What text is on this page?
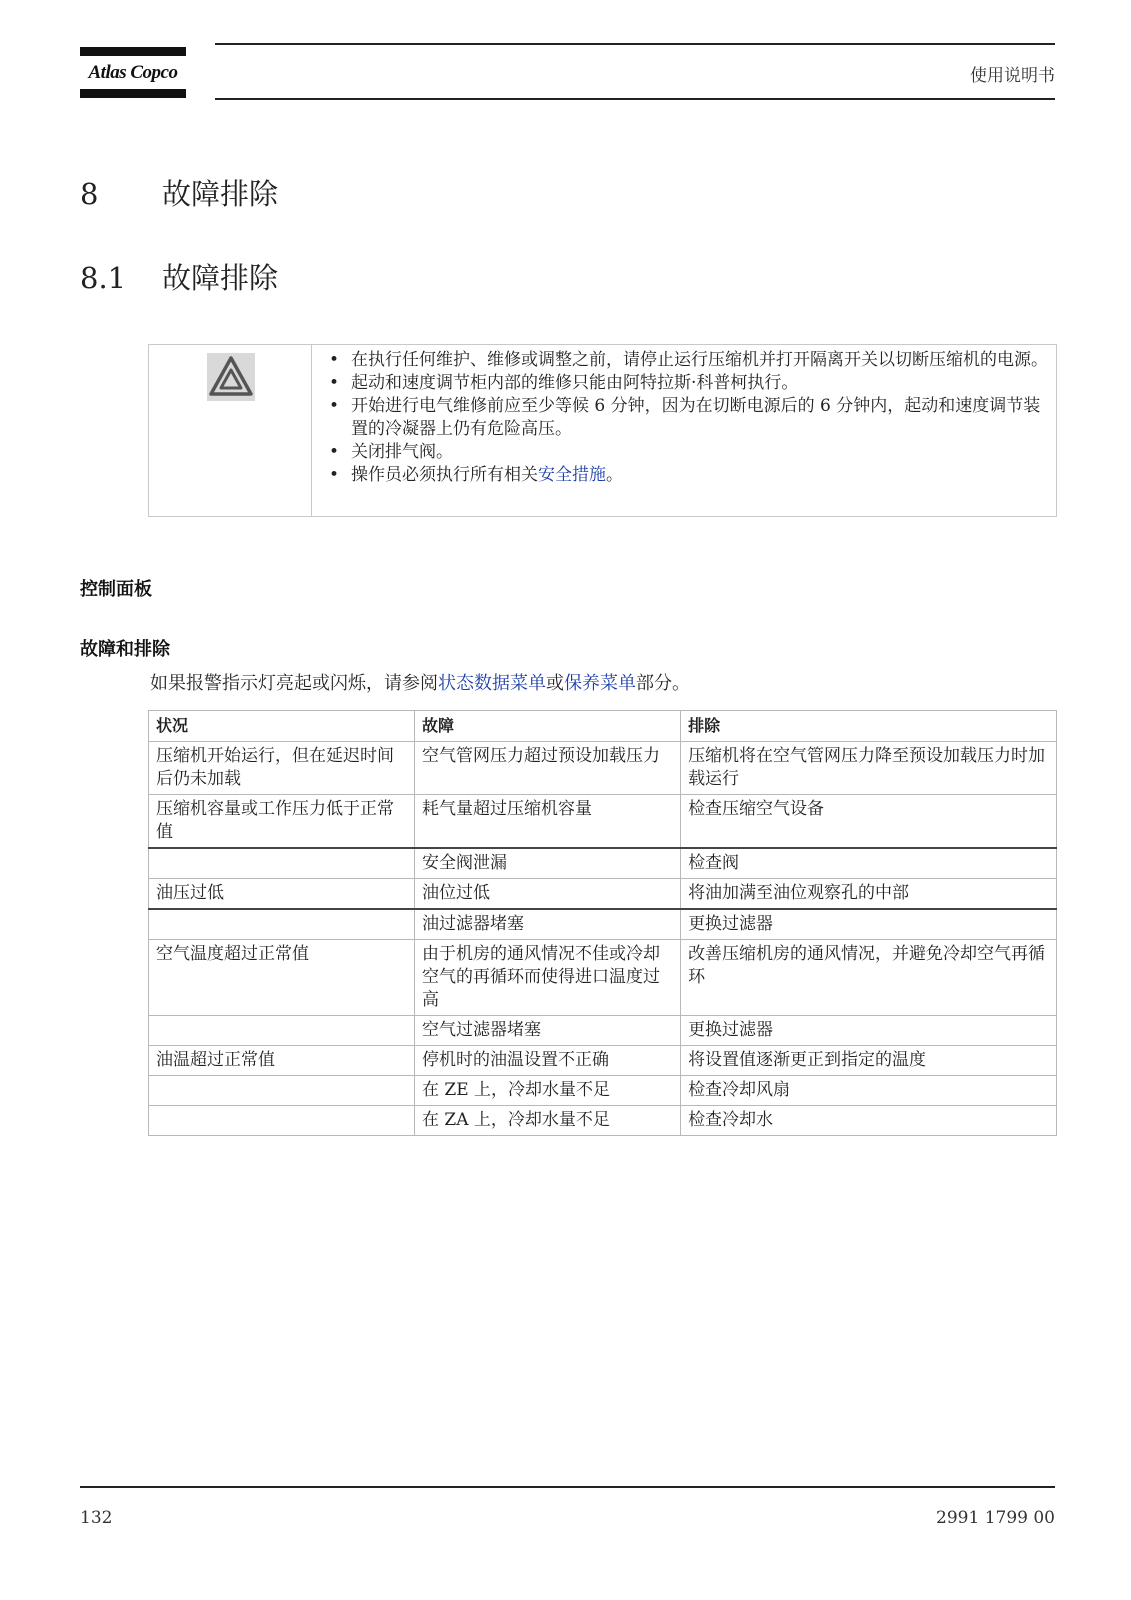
Atlas Copco	使用说明书
8 故障排除
8.1 故障排除
• 在执行任何维护、维修或调整之前，请停止运行压缩机并打开隔离开关以切断压缩机的电源。
• 起动和速度调节柜内部的维修只能由阿特拉斯·科普柯执行。
• 开始进行电气维修前应至少等候 6 分钟，因为在切断电源后的 6 分钟内，起动和速度调节装置的冷凝器上仍有危险高压。
• 关闭排气阀。
• 操作员必须执行所有相关安全措施。
控制面板
故障和排除
如果报警指示灯亮起或闪烁，请参阅状态数据菜单或保养菜单部分。
状况	故障	排除
压缩机开始运行，但在延迟时间后仍未加载	空气管网压力超过预设加载压力	压缩机将在空气管网压力降至预设加载压力时加载运行
压缩机容量或工作压力低于正常值	耗气量超过压缩机容量	检查压缩空气设备
	安全阀泄漏	检查阀
油压过低	油位过低	将油加满至油位观察孔的中部
	油过滤器堵塞	更换过滤器
空气温度超过正常值	由于机房的通风情况不佳或冷却空气的再循环而使得进口温度过高	改善压缩机房的通风情况，并避免冷却空气再循环
	空气过滤器堵塞	更换过滤器
油温超过正常值	停机时的油温设置不正确	将设置值逐渐更正到指定的温度
	在 ZE 上，冷却水量不足	检查冷却风扇
	在 ZA 上，冷却水量不足	检查冷却水
132	2991 1799 00
